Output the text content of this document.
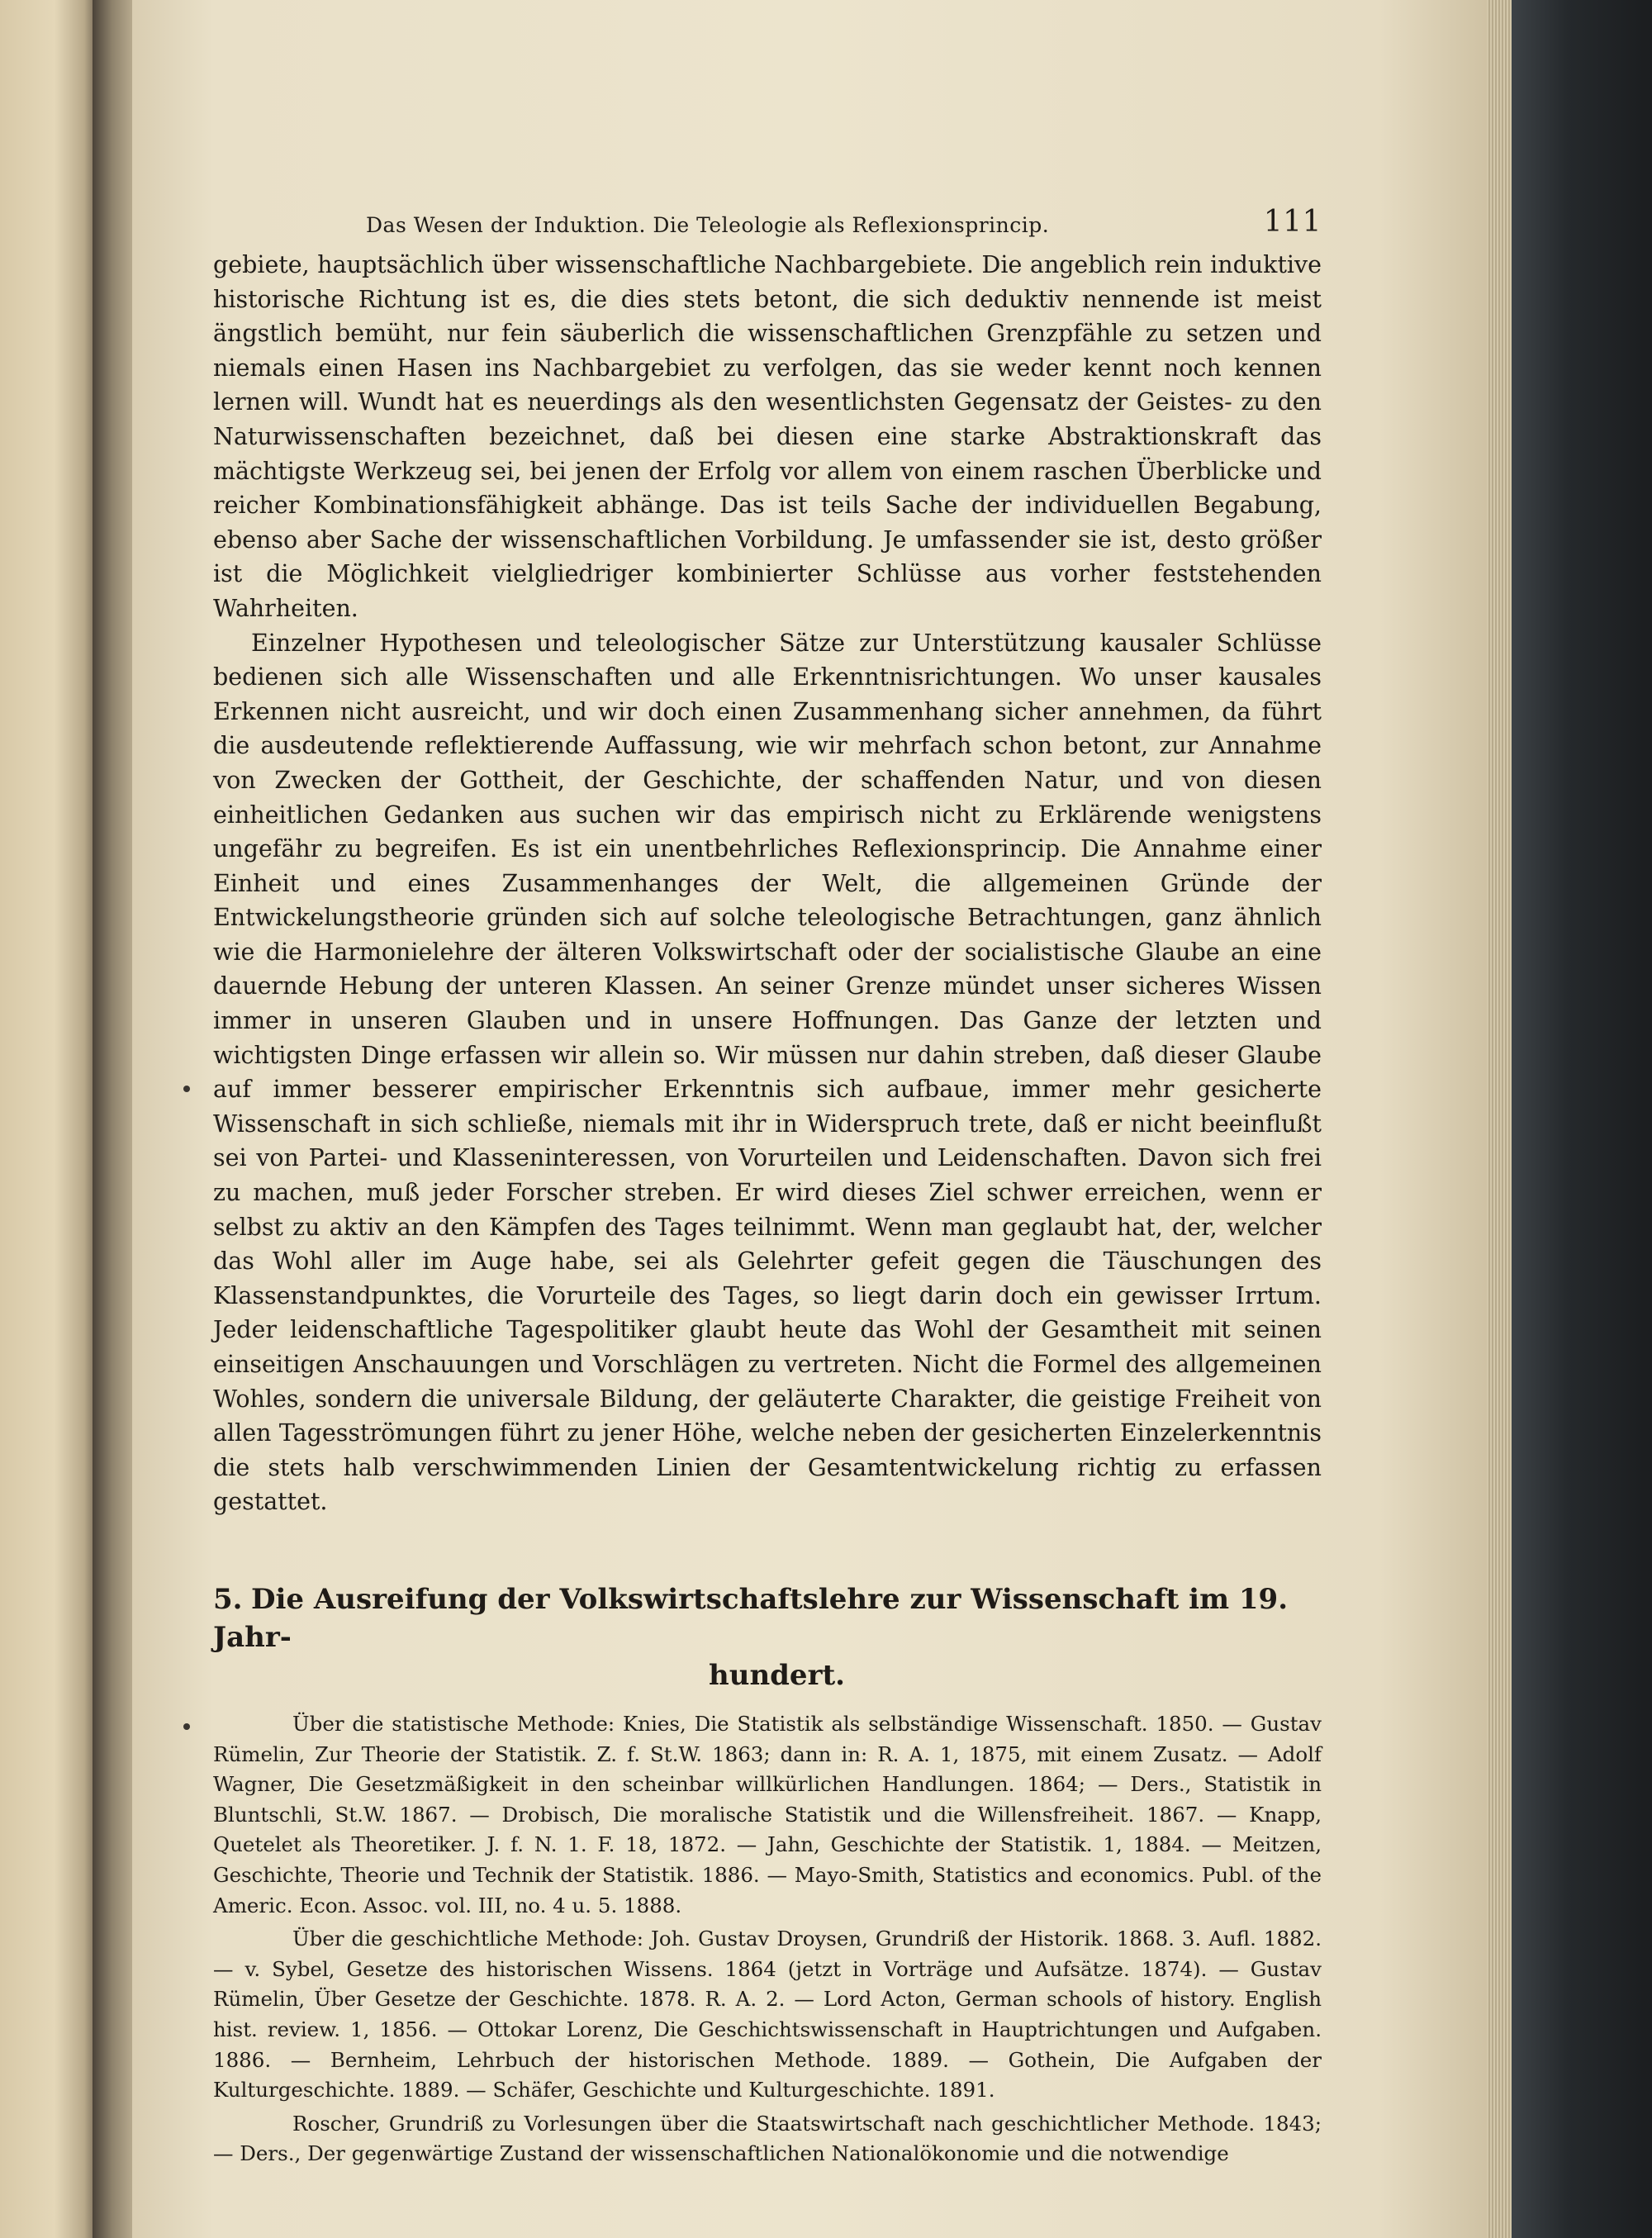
Das Wesen der Induktion. Die Teleologie als Reflexionsprincip.	111

gebiete, hauptsächlich über wissenschaftliche Nachbargebiete. Die angeblich rein induktive historische Richtung ist es, die dies stets betont, die sich deduktiv nennende ist meist ängstlich bemüht, nur fein säuberlich die wissenschaftlichen Grenzpfähle zu setzen und niemals einen Hasen ins Nachbargebiet zu verfolgen, das sie weder kennt noch kennen lernen will. Wundt hat es neuerdings als den wesentlichsten Gegensatz der Geistes- zu den Naturwissenschaften bezeichnet, daß bei diesen eine starke Abstraktionskraft das mächtigste Werkzeug sei, bei jenen der Erfolg vor allem von einem raschen Überblicke und reicher Kombinationsfähigkeit abhänge. Das ist teils Sache der individuellen Begabung, ebenso aber Sache der wissenschaftlichen Vorbildung. Je umfassender sie ist, desto größer ist die Möglichkeit vielgliedriger kombinierter Schlüsse aus vorher feststehenden Wahrheiten.

Einzelner Hypothesen und teleologischer Sätze zur Unterstützung kausaler Schlüsse bedienen sich alle Wissenschaften und alle Erkenntnisrichtungen. Wo unser kausales Erkennen nicht ausreicht, und wir doch einen Zusammenhang sicher annehmen, da führt die ausdeutende reflektierende Auffassung, wie wir mehrfach schon betont, zur Annahme von Zwecken der Gottheit, der Geschichte, der schaffenden Natur, und von diesen einheitlichen Gedanken aus suchen wir das empirisch nicht zu Erklärende wenigstens ungefähr zu begreifen. Es ist ein unentbehrliches Reflexionsprincip. Die Annahme einer Einheit und eines Zusammenhanges der Welt, die allgemeinen Gründe der Entwickelungstheorie gründen sich auf solche teleologische Betrachtungen, ganz ähnlich wie die Harmonielehre der älteren Volkswirtschaft oder der socialistische Glaube an eine dauernde Hebung der unteren Klassen. An seiner Grenze mündet unser sicheres Wissen immer in unseren Glauben und in unsere Hoffnungen. Das Ganze der letzten und wichtigsten Dinge erfassen wir allein so. Wir müssen nur dahin streben, daß dieser Glaube auf immer besserer empirischer Erkenntnis sich aufbaue, immer mehr gesicherte Wissenschaft in sich schließe, niemals mit ihr in Widerspruch trete, daß er nicht beeinflußt sei von Partei- und Klasseninteressen, von Vorurteilen und Leidenschaften. Davon sich frei zu machen, muß jeder Forscher streben. Er wird dieses Ziel schwer erreichen, wenn er selbst zu aktiv an den Kämpfen des Tages teilnimmt. Wenn man geglaubt hat, der, welcher das Wohl aller im Auge habe, sei als Gelehrter gefeit gegen die Täuschungen des Klassenstandpunktes, die Vorurteile des Tages, so liegt darin doch ein gewisser Irrtum. Jeder leidenschaftliche Tagespolitiker glaubt heute das Wohl der Gesamtheit mit seinen einseitigen Anschauungen und Vorschlägen zu vertreten. Nicht die Formel des allgemeinen Wohles, sondern die universale Bildung, der geläuterte Charakter, die geistige Freiheit von allen Tagesströmungen führt zu jener Höhe, welche neben der gesicherten Einzelerkenntnis die stets halb verschwimmenden Linien der Gesamtentwickelung richtig zu erfassen gestattet.

5. Die Ausreifung der Volkswirtschaftslehre zur Wissenschaft im 19. Jahr-
hundert.

Über die statistische Methode: Knies, Die Statistik als selbständige Wissenschaft. 1850. — Gustav Rümelin, Zur Theorie der Statistik. Z. f. St.W. 1863; dann in: R. A. 1, 1875, mit einem Zusatz. — Adolf Wagner, Die Gesetzmäßigkeit in den scheinbar willkürlichen Handlungen. 1864; — Ders., Statistik in Bluntschli, St.W. 1867. — Drobisch, Die moralische Statistik und die Willensfreiheit. 1867. — Knapp, Quetelet als Theoretiker. J. f. N. 1. F. 18, 1872. — Jahn, Geschichte der Statistik. 1, 1884. — Meitzen, Geschichte, Theorie und Technik der Statistik. 1886. — Mayo-Smith, Statistics and economics. Publ. of the Americ. Econ. Assoc. vol. III, no. 4 u. 5. 1888.

Über die geschichtliche Methode: Joh. Gustav Droysen, Grundriß der Historik. 1868. 3. Aufl. 1882. — v. Sybel, Gesetze des historischen Wissens. 1864 (jetzt in Vorträge und Aufsätze. 1874). — Gustav Rümelin, Über Gesetze der Geschichte. 1878. R. A. 2. — Lord Acton, German schools of history. English hist. review. 1, 1856. — Ottokar Lorenz, Die Geschichtswissenschaft in Hauptrichtungen und Aufgaben. 1886. — Bernheim, Lehrbuch der historischen Methode. 1889. — Gothein, Die Aufgaben der Kulturgeschichte. 1889. — Schäfer, Geschichte und Kulturgeschichte. 1891.

Roscher, Grundriß zu Vorlesungen über die Staatswirtschaft nach geschichtlicher Methode. 1843; — Ders., Der gegenwärtige Zustand der wissenschaftlichen Nationalökonomie und die notwendige
